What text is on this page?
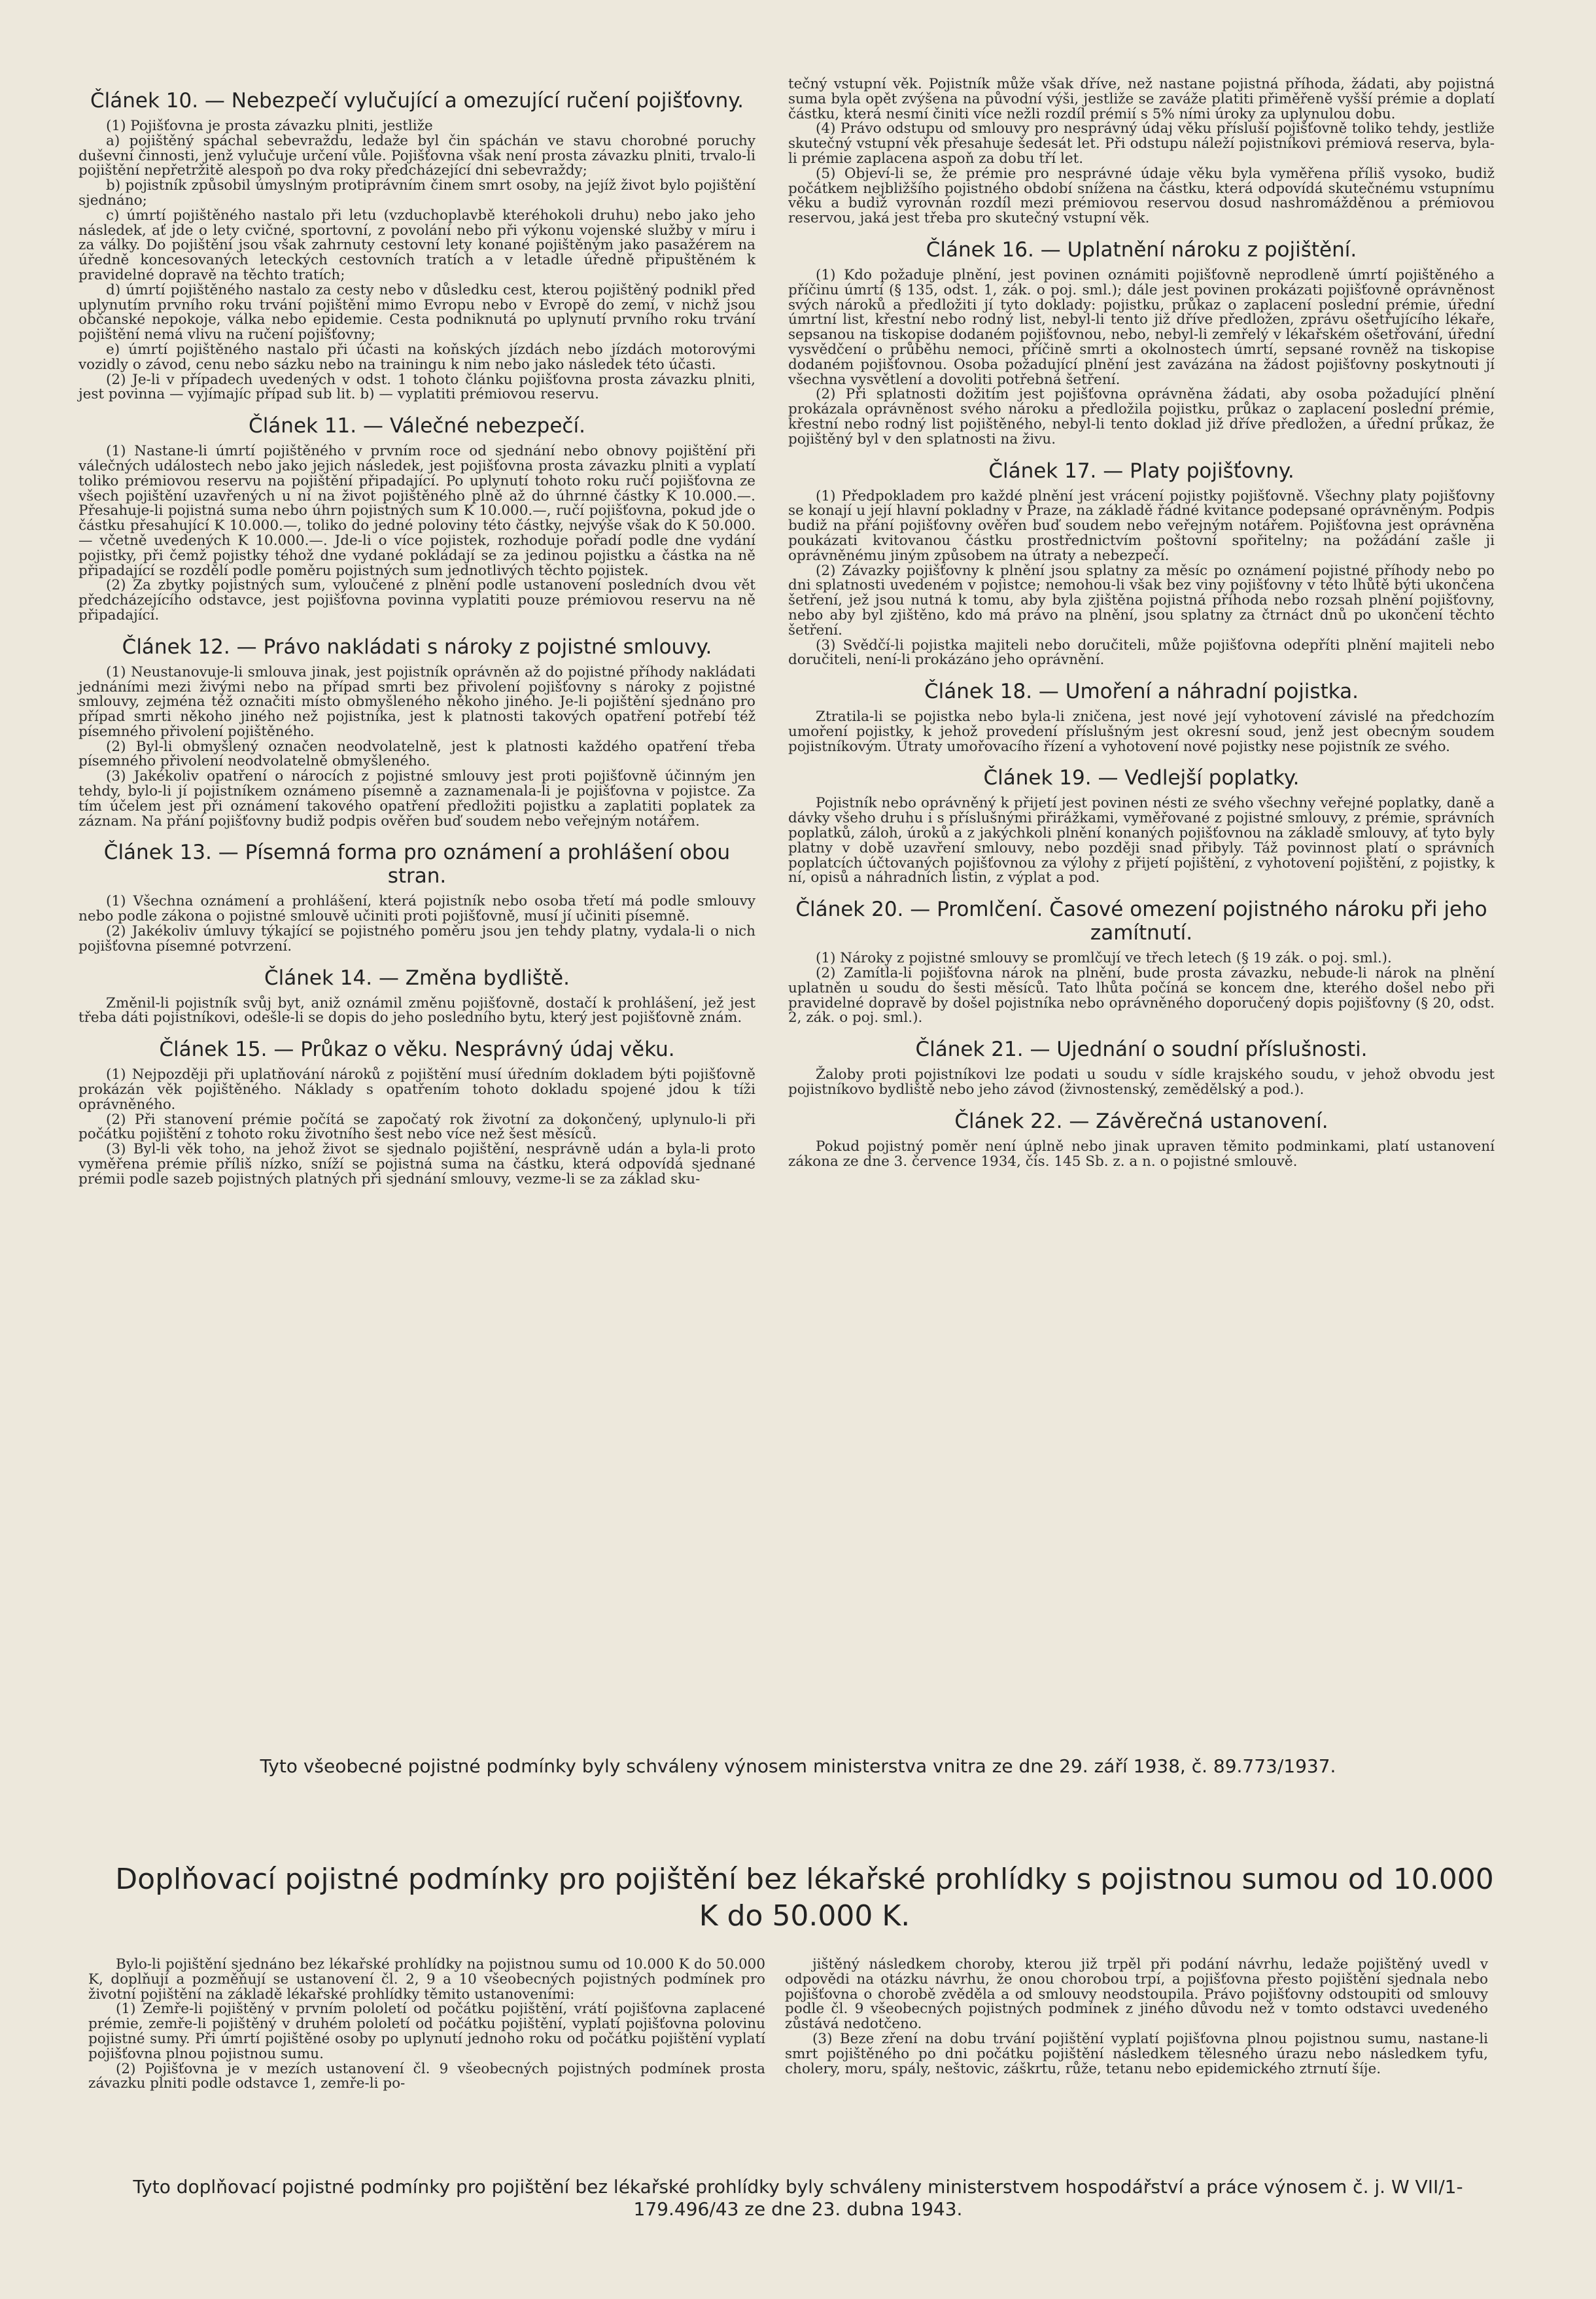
Článek 10. — Nebezpečí vylučující a omezující ručení pojišťovny.

(1) Pojišťovna je prosta závazku plniti, jestliže

a) pojištěný spáchal sebevraždu, ledaže byl čin spáchán ve stavu chorobné poruchy duševní činnosti, jenž vylučuje určení vůle. Pojišťovna však není prosta závazku plniti, trvalo-li pojištění nepřetržitě alespoň po dva roky předcházející dni sebevraždy;

b) pojistník způsobil úmyslným protiprávním činem smrt osoby, na jejíž život bylo pojištění sjednáno;

c) úmrtí pojištěného nastalo při letu (vzduchoplavbě kteréhokoli druhu) nebo jako jeho následek, ať jde o lety cvičné, sportovní, z povolání nebo při výkonu vojenské služby v míru i za války. Do pojištění jsou však zahrnuty cestovní lety konané pojištěným jako pasažérem na úředně koncesovaných leteckých cestovních tratích a v letadle úředně připuštěném k pravidelné dopravě na těchto tratích;

d) úmrtí pojištěného nastalo za cesty nebo v důsledku cest, kterou pojištěný podnikl před uplynutím prvního roku trvání pojištění mimo Evropu nebo v Evropě do zemí, v nichž jsou občanské nepokoje, válka nebo epidemie. Cesta podniknutá po uplynutí prvního roku trvání pojištění nemá vlivu na ručení pojišťovny;

e) úmrtí pojištěného nastalo při účasti na koňských jízdách nebo jízdách motorovými vozidly o závod, cenu nebo sázku nebo na trainingu k nim nebo jako následek této účasti.

(2) Je-li v případech uvedených v odst. 1 tohoto článku pojišťovna prosta závazku plniti, jest povinna — vyjímajíc případ sub lit. b) — vyplatiti prémiovou reservu.

Článek 11. — Válečné nebezpečí.

(1) Nastane-li úmrtí pojištěného v prvním roce od sjednání nebo obnovy pojištění při válečných událostech nebo jako jejich následek, jest pojišťovna prosta závazku plniti a vyplatí toliko prémiovou reservu na pojištění připadající. Po uplynutí tohoto roku ručí pojišťovna ze všech pojištění uzavřených u ní na život pojištěného plně až do úhrnné částky K 10.000.—. Přesahuje-li pojistná suma nebo úhrn pojistných sum K 10.000.—, ručí pojišťovna, pokud jde o částku přesahující K 10.000.—, toliko do jedné poloviny této částky, nejvýše však do K 50.000.— včetně uvedených K 10.000.—. Jde-li o více pojistek, rozhoduje pořadí podle dne vydání pojistky, při čemž pojistky téhož dne vydané pokládají se za jedinou pojistku a částka na ně připadající se rozdělí podle poměru pojistných sum jednotlivých těchto pojistek.

(2) Za zbytky pojistných sum, vyloučené z plnění podle ustanovení posledních dvou vět předcházejícího odstavce, jest pojišťovna povinna vyplatiti pouze prémiovou reservu na ně připadající.

Článek 12. — Právo nakládati s nároky z pojistné smlouvy.

(1) Neustanovuje-li smlouva jinak, jest pojistník oprávněn až do pojistné příhody nakládati jednáními mezi živými nebo na případ smrti bez přivolení pojišťovny s nároky z pojistné smlouvy, zejména též označiti místo obmyšleného někoho jiného. Je-li pojištění sjednáno pro případ smrti někoho jiného než pojistníka, jest k platnosti takových opatření potřebí též písemného přivolení pojištěného.

(2) Byl-li obmyšlený označen neodvolatelně, jest k platnosti každého opatření třeba písemného přivolení neodvolatelně obmyšleného.

(3) Jakékoliv opatření o nárocích z pojistné smlouvy jest proti pojišťovně účinným jen tehdy, bylo-li jí pojistníkem oznámeno písemně a zaznamenala-li je pojišťovna v pojistce. Za tím účelem jest při oznámení takového opatření předložiti pojistku a zaplatiti poplatek za záznam. Na přání pojišťovny budiž podpis ověřen buď soudem nebo veřejným notářem.

Článek 13. — Písemná forma pro oznámení a prohlášení obou stran.

(1) Všechna oznámení a prohlášení, která pojistník nebo osoba třetí má podle smlouvy nebo podle zákona o pojistné smlouvě učiniti proti pojišťovně, musí jí učiniti písemně.

(2) Jakékoliv úmluvy týkající se pojistného poměru jsou jen tehdy platny, vydala-li o nich pojišťovna písemné potvrzení.

Článek 14. — Změna bydliště.

Změnil-li pojistník svůj byt, aniž oznámil změnu pojišťovně, dostačí k prohlášení, jež jest třeba dáti pojistníkovi, odešle-li se dopis do jeho posledního bytu, který jest pojišťovně znám.

Článek 15. — Průkaz o věku. Nesprávný údaj věku.

(1) Nejpozději při uplatňování nároků z pojištění musí úředním dokladem býti pojišťovně prokázán věk pojištěného. Náklady s opatřením tohoto dokladu spojené jdou k tíži oprávněného.

(2) Při stanovení prémie počítá se započatý rok životní za dokončený, uplynulo-li při počátku pojištění z tohoto roku životního šest nebo více než šest měsíců.

(3) Byl-li věk toho, na jehož život se sjednalo pojištění, nesprávně udán a byla-li proto vyměřena prémie příliš nízko, sníží se pojistná suma na částku, která odpovídá sjednané prémii podle sazeb pojistných platných při sjednání smlouvy, vezme-li se za základ sku-

tečný vstupní věk. Pojistník může však dříve, než nastane pojistná příhoda, žádati, aby pojistná suma byla opět zvýšena na původní výši, jestliže se zaváže platiti přiměřeně vyšší prémie a doplatí částku, která nesmí činiti více nežli rozdíl prémií s 5% ními úroky za uplynulou dobu.

(4) Právo odstupu od smlouvy pro nesprávný údaj věku přísluší pojišťovně toliko tehdy, jestliže skutečný vstupní věk přesahuje šedesát let. Při odstupu náleží pojistníkovi prémiová reserva, byla-li prémie zaplacena aspoň za dobu tří let.

(5) Objeví-li se, že prémie pro nesprávné údaje věku byla vyměřena příliš vysoko, budiž počátkem nejbližšího pojistného období snížena na částku, která odpovídá skutečnému vstupnímu věku a budiž vyrovnán rozdíl mezi prémiovou reservou dosud nashromážděnou a prémiovou reservou, jaká jest třeba pro skutečný vstupní věk.

Článek 16. — Uplatnění nároku z pojištění.

(1) Kdo požaduje plnění, jest povinen oznámiti pojišťovně neprodleně úmrtí pojištěného a příčinu úmrtí (§ 135, odst. 1, zák. o poj. sml.); dále jest povinen prokázati pojišťovně oprávněnost svých nároků a předložiti jí tyto doklady: pojistku, průkaz o zaplacení poslední prémie, úřední úmrtní list, křestní nebo rodný list, nebyl-li tento již dříve předložen, zprávu ošetřujícího lékaře, sepsanou na tiskopise dodaném pojišťovnou, nebo, nebyl-li zemřelý v lékařském ošetřování, úřední vysvědčení o průběhu nemoci, příčině smrti a okolnostech úmrtí, sepsané rovněž na tiskopise dodaném pojišťovnou. Osoba požadující plnění jest zavázána na žádost pojišťovny poskytnouti jí všechna vysvětlení a dovoliti potřebná šetření.

(2) Při splatnosti dožitím jest pojišťovna oprávněna žádati, aby osoba požadující plnění prokázala oprávněnost svého nároku a předložila pojistku, průkaz o zaplacení poslední prémie, křestní nebo rodný list pojištěného, nebyl-li tento doklad již dříve předložen, a úřední průkaz, že pojištěný byl v den splatnosti na živu.

Článek 17. — Platy pojišťovny.

(1) Předpokladem pro každé plnění jest vrácení pojistky pojišťovně. Všechny platy pojišťovny se konají u její hlavní pokladny v Praze, na základě řádné kvitance podepsané oprávněným. Podpis budiž na přání pojišťovny ověřen buď soudem nebo veřejným notářem. Pojišťovna jest oprávněna poukázati kvitovanou částku prostřednictvím poštovní spořitelny; na požádání zašle ji oprávněnému jiným způsobem na útraty a nebezpečí.

(2) Závazky pojišťovny k plnění jsou splatny za měsíc po oznámení pojistné příhody nebo po dni splatnosti uvedeném v pojistce; nemohou-li však bez viny pojišťovny v této lhůtě býti ukončena šetření, jež jsou nutná k tomu, aby byla zjištěna pojistná příhoda nebo rozsah plnění pojišťovny, nebo aby byl zjištěno, kdo má právo na plnění, jsou splatny za čtrnáct dnů po ukončení těchto šetření.

(3) Svědčí-li pojistka majiteli nebo doručiteli, může pojišťovna odepříti plnění majiteli nebo doručiteli, není-li prokázáno jeho oprávnění.

Článek 18. — Umoření a náhradní pojistka.

Ztratila-li se pojistka nebo byla-li zničena, jest nové její vyhotovení závislé na předchozím umoření pojistky, k jehož provedení příslušným jest okresní soud, jenž jest obecným soudem pojistníkovým. Útraty umořovacího řízení a vyhotovení nové pojistky nese pojistník ze svého.

Článek 19. — Vedlejší poplatky.

Pojistník nebo oprávněný k přijetí jest povinen nésti ze svého všechny veřejné poplatky, daně a dávky všeho druhu i s příslušnými přirážkami, vyměřované z pojistné smlouvy, z prémie, správních poplatků, záloh, úroků a z jakýchkoli plnění konaných pojišťovnou na základě smlouvy, ať tyto byly platny v době uzavření smlouvy, nebo později snad přibyly. Táž povinnost platí o správních poplatcích účtovaných pojišťovnou za výlohy z přijetí pojištění, z vyhotovení pojištění, z pojistky, k ní, opisů a náhradních listin, z výplat a pod.

Článek 20. — Promlčení. Časové omezení pojistného nároku při jeho zamítnutí.

(1) Nároky z pojistné smlouvy se promlčují ve třech letech (§ 19 zák. o poj. sml.).

(2) Zamítla-li pojišťovna nárok na plnění, bude prosta závazku, nebude-li nárok na plnění uplatněn u soudu do šesti měsíců. Tato lhůta počíná se koncem dne, kterého došel nebo při pravidelné dopravě by došel pojistníka nebo oprávněného doporučený dopis pojišťovny (§ 20, odst. 2, zák. o poj. sml.).

Článek 21. — Ujednání o soudní příslušnosti.

Žaloby proti pojistníkovi lze podati u soudu v sídle krajského soudu, v jehož obvodu jest pojistníkovo bydliště nebo jeho závod (živnostenský, zemědělský a pod.).

Článek 22. — Závěrečná ustanovení.

Pokud pojistný poměr není úplně nebo jinak upraven těmito podminkami, platí ustanovení zákona ze dne 3. července 1934, čís. 145 Sb. z. a n. o pojistné smlouvě.

Tyto všeobecné pojistné podmínky byly schváleny výnosem ministerstva vnitra ze dne 29. září 1938, č. 89.773/1937.
Doplňovací pojistné podmínky pro pojištění bez lékařské prohlídky s pojistnou sumou od 10.000 K do 50.000 K.

Bylo-li pojištění sjednáno bez lékařské prohlídky na pojistnou sumu od 10.000 K do 50.000 K, doplňují a pozměňují se ustanovení čl. 2, 9 a 10 všeobecných pojistných podmínek pro životní pojištění na základě lékařské prohlídky těmito ustanoveními:

(1) Zemře-li pojištěný v prvním pololetí od počátku pojištění, vrátí pojišťovna zaplacené prémie, zemře-li pojištěný v druhém pololetí od počátku pojištění, vyplatí pojišťovna polovinu pojistné sumy. Při úmrtí pojištěné osoby po uplynutí jednoho roku od počátku pojištění vyplatí pojišťovna plnou pojistnou sumu.

(2) Pojišťovna je v mezích ustanovení čl. 9 všeobecných pojistných podmínek prosta závazku plniti podle odstavce 1, zemře-li po-

jištěný následkem choroby, kterou již trpěl při podání návrhu, ledaže pojištěný uvedl v odpovědi na otázku návrhu, že onou chorobou trpí, a pojišťovna přesto pojištění sjednala nebo pojišťovna o chorobě zvěděla a od smlouvy neodstoupila. Právo pojišťovny odstoupiti od smlouvy podle čl. 9 všeobecných pojistných podmínek z jiného důvodu než v tomto odstavci uvedeného zůstává nedotčeno.

(3) Beze zření na dobu trvání pojištění vyplatí pojišťovna plnou pojistnou sumu, nastane-li smrt pojištěného po dni počátku pojištění následkem tělesného úrazu nebo následkem tyfu, cholery, moru, spály, neštovic, záškrtu, růže, tetanu nebo epidemického ztrnutí šíje.

Tyto doplňovací pojistné podmínky pro pojištění bez lékařské prohlídky byly schváleny ministerstvem hospodářství a práce výnosem č. j. W VII/1-179.496/43 ze dne 23. dubna 1943.
